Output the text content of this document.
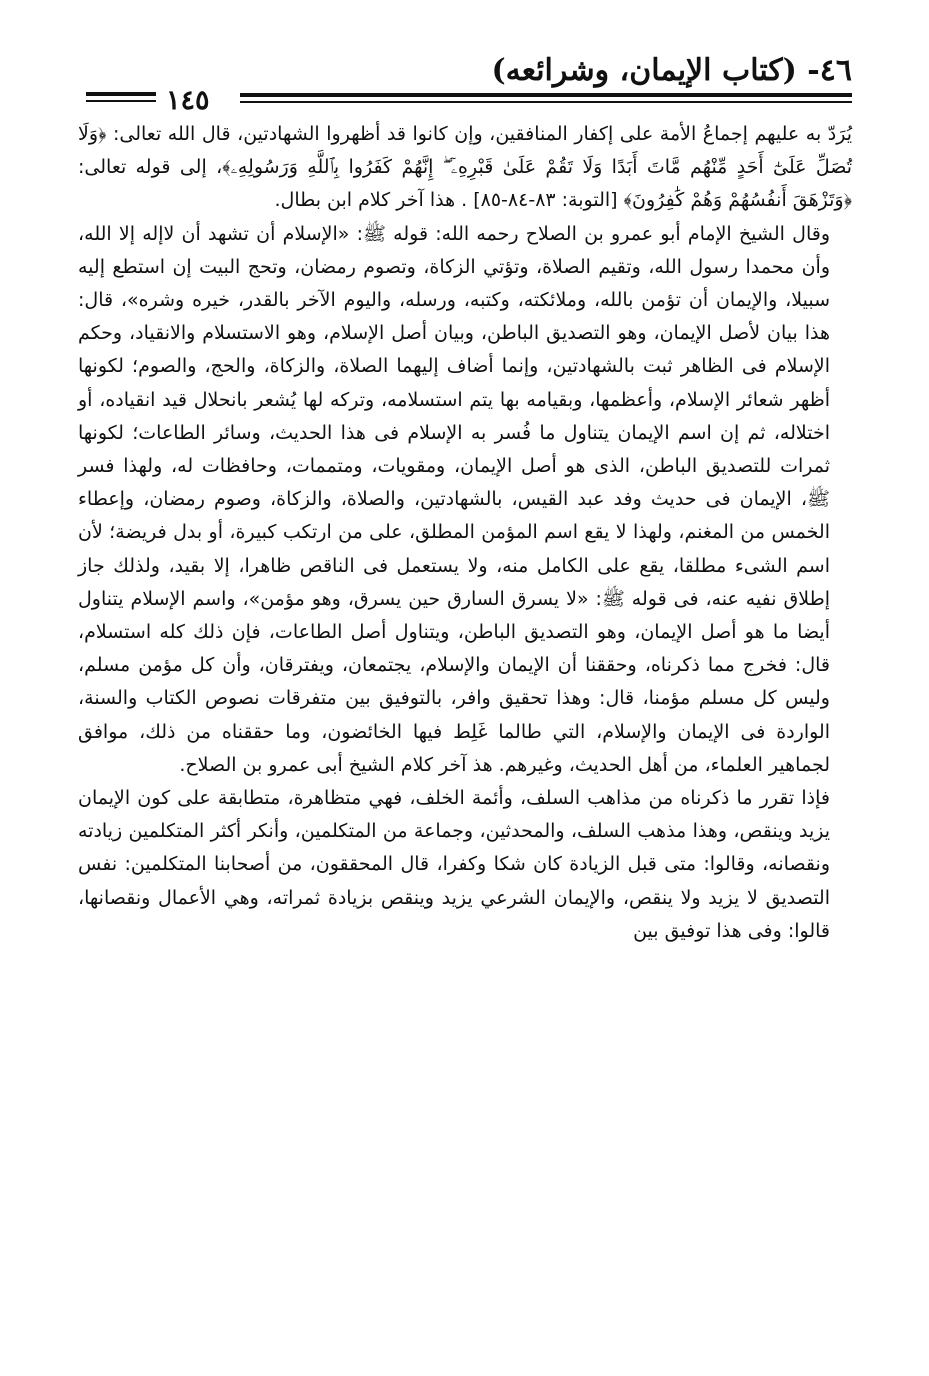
٤٦- (كتاب الإيمان، وشرائعه)
١٤٥

يُرَدّ به عليهم إجماعُ الأمة على إكفار المنافقين، وإن كانوا قد أظهروا الشهادتين، قال الله تعالى: ﴿وَلَا تُصَلِّ عَلَىٰٓ أَحَدٍ مِّنْهُم مَّاتَ أَبَدًا وَلَا تَقُمْ عَلَىٰ قَبْرِهِۦٓ ۖ إِنَّهُمْ كَفَرُوا بِٱللَّهِ وَرَسُولِهِۦ﴾، إلى قوله تعالى: ﴿وَتَزْهَقَ أَنفُسُهُمْ وَهُمْ كَٰفِرُونَ﴾ [التوبة: ٨٣-٨٤-٨٥] . هذا آخر كلام ابن بطال.

وقال الشيخ الإمام أبو عمرو بن الصلاح رحمه الله: قوله ﷺ: «الإسلام أن تشهد أن لاإله إلا الله، وأن محمدا رسول الله، وتقيم الصلاة، وتؤتي الزكاة، وتصوم رمضان، وتحج البيت إن استطع إليه سبيلا، والإيمان أن تؤمن بالله، وملائكته، وكتبه، ورسله، واليوم الآخر بالقدر، خيره وشره»، قال: هذا بيان لأصل الإيمان، وهو التصديق الباطن، وبيان أصل الإسلام، وهو الاستسلام والانقياد، وحكم الإسلام فى الظاهر ثبت بالشهادتين، وإنما أضاف إليهما الصلاة، والزكاة، والحج، والصوم؛ لكونها أظهر شعائر الإسلام، وأعظمها، وبقيامه بها يتم استسلامه، وتركه لها يُشعر بانحلال قيد انقياده، أو اختلاله، ثم إن اسم الإيمان يتناول ما فُسر به الإسلام فى هذا الحديث، وسائر الطاعات؛ لكونها ثمرات للتصديق الباطن، الذى هو أصل الإيمان، ومقويات، ومتممات، وحافظات له، ولهذا فسر ﷺ، الإيمان فى حديث وفد عبد القيس، بالشهادتين، والصلاة، والزكاة، وصوم رمضان، وإعطاء الخمس من المغنم، ولهذا لا يقع اسم المؤمن المطلق، على من ارتكب كبيرة، أو بدل فريضة؛ لأن اسم الشىء مطلقا، يقع على الكامل منه، ولا يستعمل فى الناقص ظاهرا، إلا بقيد، ولذلك جاز إطلاق نفيه عنه، فى قوله ﷺ: «لا يسرق السارق حين يسرق، وهو مؤمن»، واسم الإسلام يتناول أيضا ما هو أصل الإيمان، وهو التصديق الباطن، ويتناول أصل الطاعات، فإن ذلك كله استسلام، قال: فخرج مما ذكرناه، وحققنا أن الإيمان والإسلام، يجتمعان، ويفترقان، وأن كل مؤمن مسلم، وليس كل مسلم مؤمنا، قال: وهذا تحقيق وافر، بالتوفيق بين متفرقات نصوص الكتاب والسنة، الواردة فى الإيمان والإسلام، التي طالما غَلِط فيها الخائضون، وما حققناه من ذلك، موافق لجماهير العلماء، من أهل الحديث، وغيرهم. هذ آخر كلام الشيخ أبى عمرو بن الصلاح.

فإذا تقرر ما ذكرناه من مذاهب السلف، وأئمة الخلف، فهي متظاهرة، متطابقة على كون الإيمان يزيد وينقص، وهذا مذهب السلف، والمحدثين، وجماعة من المتكلمين، وأنكر أكثر المتكلمين زيادته ونقصانه، وقالوا: متى قبل الزيادة كان شكا وكفرا، قال المحققون، من أصحابنا المتكلمين: نفس التصديق لا يزيد ولا ينقص، والإيمان الشرعي يزيد وينقص بزيادة ثمراته، وهي الأعمال ونقصانها، قالوا: وفى هذا توفيق بين
